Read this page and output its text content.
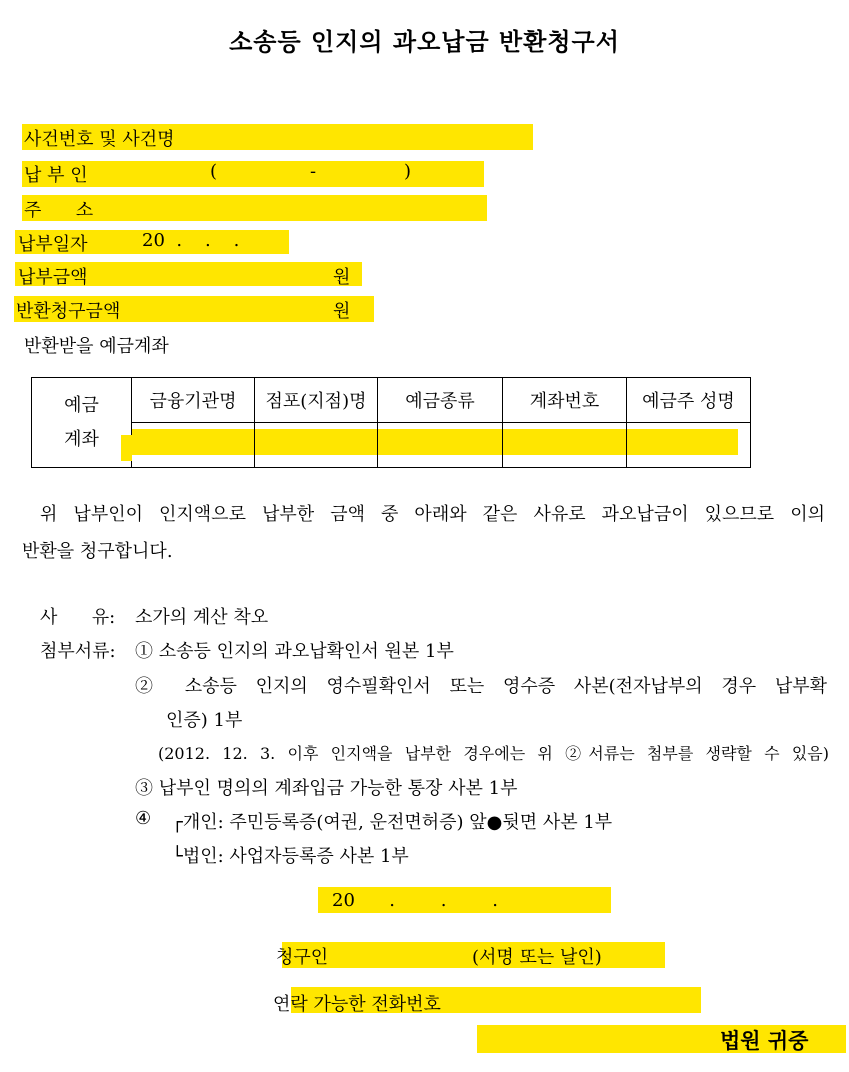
소송등 인지의 과오납금 반환청구서
사건번호 및 사건명
납 부 인	(	-	)
주      소
납부일자	20  .    .    .
납부금액	원
반환청구금액	원
반환받을 예금계좌
예금
계좌	금융기관명	점포(지점)명	예금종류	계좌번호	예금주 성명

위 납부인이 인지액으로 납부한 금액 중 아래와 같은 사유로 과오납금이 있으므로 이의
반환을 청구합니다.
사      유: 소가의 계산 착오
첨부서류: ① 소송등 인지의 과오납확인서 원본 1부
② 소송등 인지의 영수필확인서 또는 영수증 사본(전자납부의 경우 납부확
인증) 1부
(2012. 12. 3. 이후 인지액을 납부한 경우에는 위 ②서류는 첨부를 생략할 수 있음)
③ 납부인 명의의 계좌입금 가능한 통장 사본 1부
④ ┌개인: 주민등록증(여권, 운전면허증) 앞●뒷면 사본 1부
└법인: 사업자등록증 사본 1부
20      .        .        .
청구인	(서명 또는 날인)
연락 가능한 전화번호
법원 귀중
